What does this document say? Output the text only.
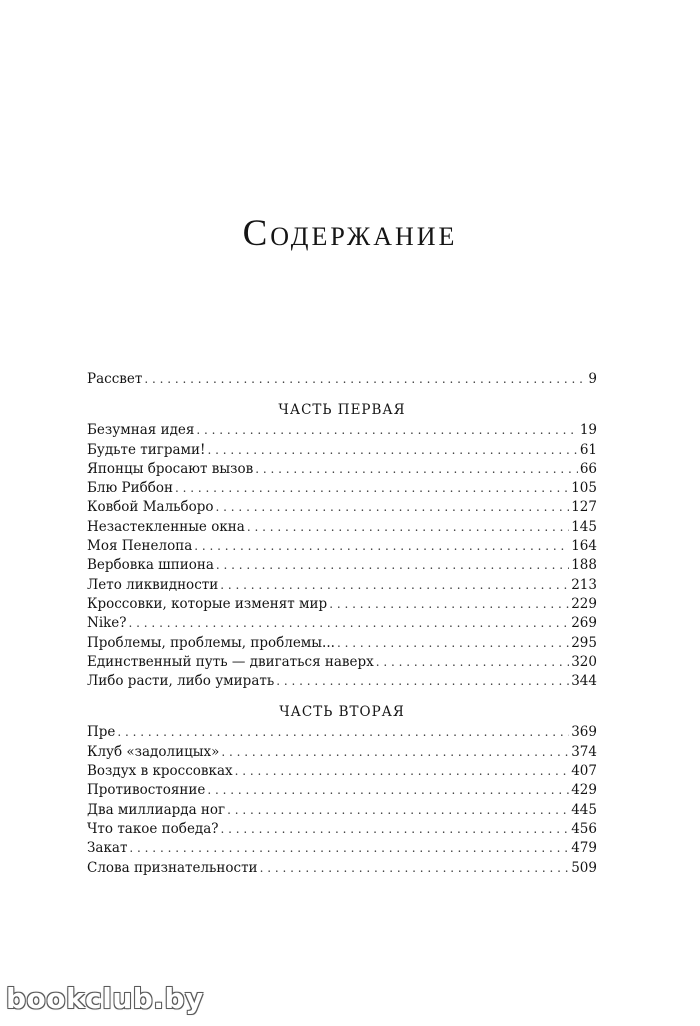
Содержание
Рассвет . . .	9
ЧАСТЬ ПЕРВАЯ
Безумная идея . . .	19
Будьте тиграми! . . .	61
Японцы бросают вызов . . .	66
Блю Риббон . . .	105
Ковбой Мальборо . . .	127
Незастекленные окна . . .	145
Моя Пенелопа . . .	164
Вербовка шпиона . . .	188
Лето ликвидности . . .	213
Кроссовки, которые изменят мир . . .	229
Nike? . . .	269
Проблемы, проблемы, проблемы... . . .	295
Единственный путь — двигаться наверх . . .	320
Либо расти, либо умирать . . .	344
ЧАСТЬ ВТОРАЯ
Пре . . .	369
Клуб «задолицых» . . .	374
Воздух в кроссовках . . .	407
Противостояние . . .	429
Два миллиарда ног . . .	445
Что такое победа? . . .	456
Закат . . .	479
Слова признательности . . .	509
bookclub.by
